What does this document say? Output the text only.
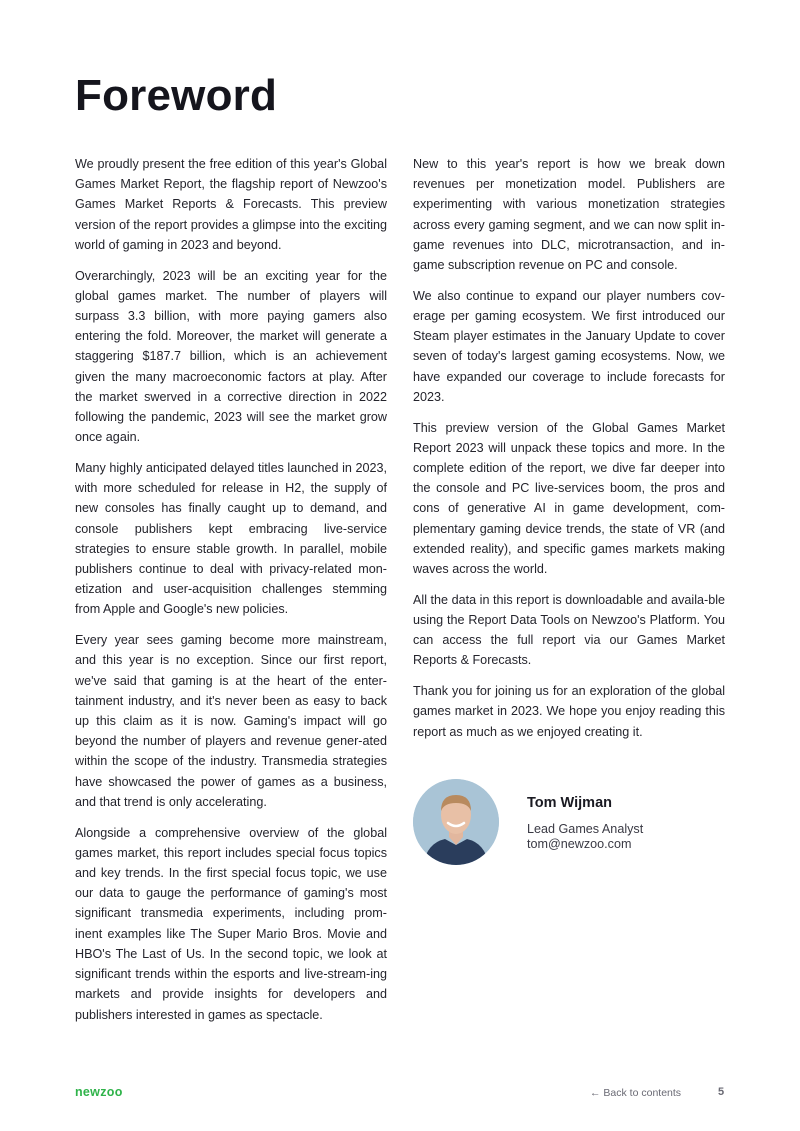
Foreword

We proudly present the free edition of this year's Global Games Market Report, the flagship report of Newzoo's Games Market Reports & Forecasts. This preview version of the report provides a glimpse into the exciting world of gaming in 2023 and beyond.

Overarchingly, 2023 will be an exciting year for the global games market. The number of players will surpass 3.3 billion, with more paying gamers also entering the fold. Moreover, the market will generate a staggering $187.7 billion, which is an achievement given the many macroeconomic factors at play. After the market swerved in a corrective direction in 2022 following the pandemic, 2023 will see the market grow once again.

Many highly anticipated delayed titles launched in 2023, with more scheduled for release in H2, the supply of new consoles has finally caught up to demand, and console publishers kept embracing live-service strategies to ensure stable growth. In parallel, mobile publishers continue to deal with privacy-related mon-etization and user-acquisition challenges stemming from Apple and Google's new policies.

Every year sees gaming become more mainstream, and this year is no exception. Since our first report, we've said that gaming is at the heart of the enter-tainment industry, and it's never been as easy to back up this claim as it is now. Gaming's impact will go beyond the number of players and revenue gener-ated within the scope of the industry. Transmedia strategies have showcased the power of games as a business, and that trend is only accelerating.

Alongside a comprehensive overview of the global games market, this report includes special focus topics and key trends. In the first special focus topic, we use our data to gauge the performance of gaming's most significant transmedia experiments, including prom-inent examples like The Super Mario Bros. Movie and HBO's The Last of Us. In the second topic, we look at significant trends within the esports and live-stream-ing markets and provide insights for developers and publishers interested in games as spectacle.

New to this year's report is how we break down revenues per monetization model. Publishers are experimenting with various monetization strategies across every gaming segment, and we can now split in-game revenues into DLC, microtransaction, and in-game subscription revenue on PC and console.

We also continue to expand our player numbers cov-erage per gaming ecosystem. We first introduced our Steam player estimates in the January Update to cover seven of today's largest gaming ecosystems. Now, we have expanded our coverage to include forecasts for 2023.

This preview version of the Global Games Market Report 2023 will unpack these topics and more. In the complete edition of the report, we dive far deeper into the console and PC live-services boom, the pros and cons of generative AI in game development, com-plementary gaming device trends, the state of VR (and extended reality), and specific games markets making waves across the world.

All the data in this report is downloadable and availa-ble using the Report Data Tools on Newzoo's Platform. You can access the full report via our Games Market Reports & Forecasts.

Thank you for joining us for an exploration of the global games market in 2023. We hope you enjoy reading this report as much as we enjoyed creating it.

Tom Wijman
Lead Games Analyst
tom@newzoo.com
newzoo	← Back to contents	5
